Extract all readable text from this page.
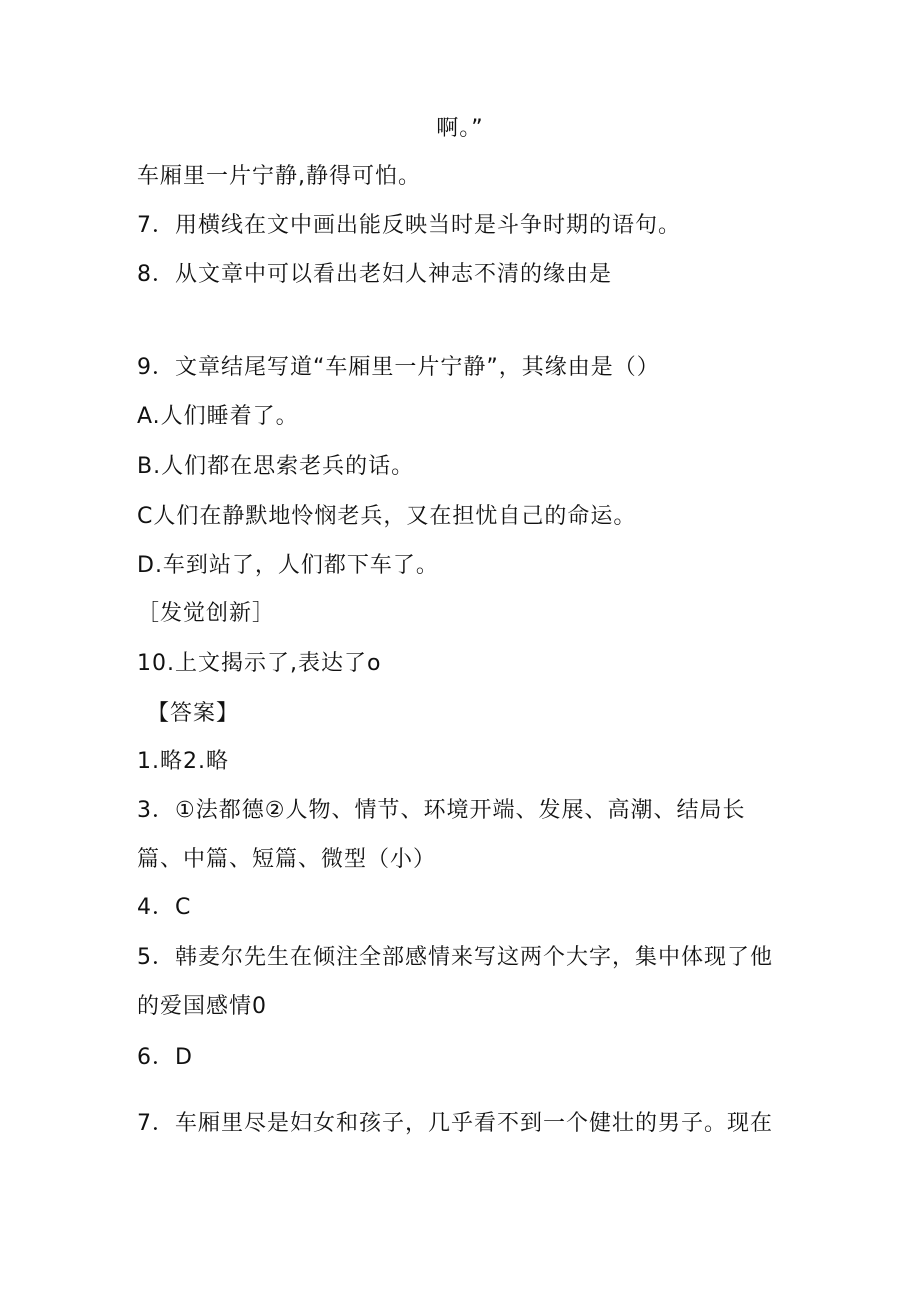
啊。”
车厢里一片宁静,静得可怕。
7．用横线在文中画出能反映当时是斗争时期的语句。
8．从文章中可以看出老妇人神志不清的缘由是
9．文章结尾写道“车厢里一片宁静”，其缘由是（）
A.人们睡着了。
B.人们都在思索老兵的话。
C人们在静默地怜悯老兵，又在担忧自己的命运。
D.车到站了，人们都下车了。
［发觉创新］
10.上文揭示了,表达了o
【答案】
1.略2.略
3．①法都德②人物、情节、环境开端、发展、高潮、结局长
篇、中篇、短篇、微型（小）
4．C
5．韩麦尔先生在倾注全部感情来写这两个大字，集中体现了他
的爱国感情0
6．D
7．车厢里尽是妇女和孩子，几乎看不到一个健壮的男子。现在
